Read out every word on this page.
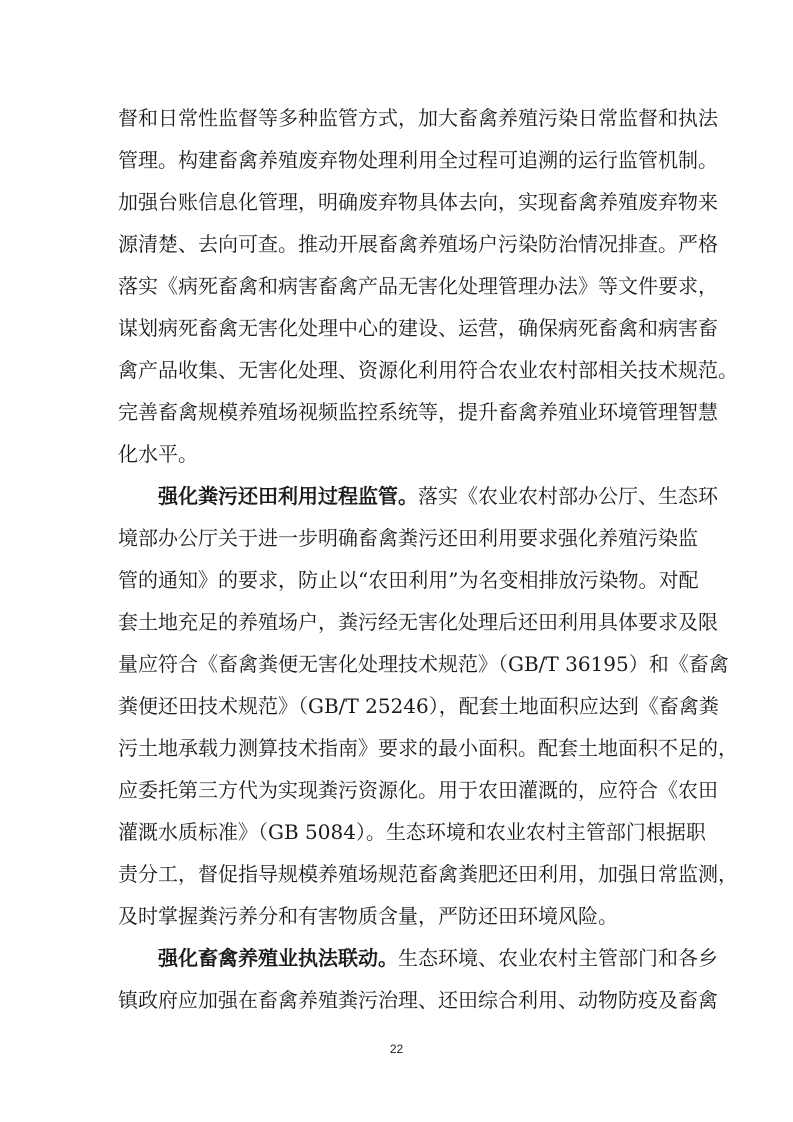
督和日常性监督等多种监管方式，加大畜禽养殖污染日常监督和执法
管理。构建畜禽养殖废弃物处理利用全过程可追溯的运行监管机制。
加强台账信息化管理，明确废弃物具体去向，实现畜禽养殖废弃物来
源清楚、去向可查。推动开展畜禽养殖场户污染防治情况排查。严格
落实《病死畜禽和病害畜禽产品无害化处理管理办法》等文件要求，
谋划病死畜禽无害化处理中心的建设、运营，确保病死畜禽和病害畜
禽产品收集、无害化处理、资源化利用符合农业农村部相关技术规范。
完善畜禽规模养殖场视频监控系统等，提升畜禽养殖业环境管理智慧
化水平。
强化粪污还田利用过程监管。落实《农业农村部办公厅、生态环
境部办公厅关于进一步明确畜禽粪污还田利用要求强化养殖污染监
管的通知》的要求，防止以“农田利用”为名变相排放污染物。对配
套土地充足的养殖场户，粪污经无害化处理后还田利用具体要求及限
量应符合《畜禽粪便无害化处理技术规范》（GB/T 36195）和《畜禽
粪便还田技术规范》（GB/T 25246），配套土地面积应达到《畜禽粪
污土地承载力测算技术指南》要求的最小面积。配套土地面积不足的，
应委托第三方代为实现粪污资源化。用于农田灌溉的，应符合《农田
灌溉水质标准》（GB 5084）。生态环境和农业农村主管部门根据职
责分工，督促指导规模养殖场规范畜禽粪肥还田利用，加强日常监测，
及时掌握粪污养分和有害物质含量，严防还田环境风险。
强化畜禽养殖业执法联动。生态环境、农业农村主管部门和各乡
镇政府应加强在畜禽养殖粪污治理、还田综合利用、动物防疫及畜禽
22
